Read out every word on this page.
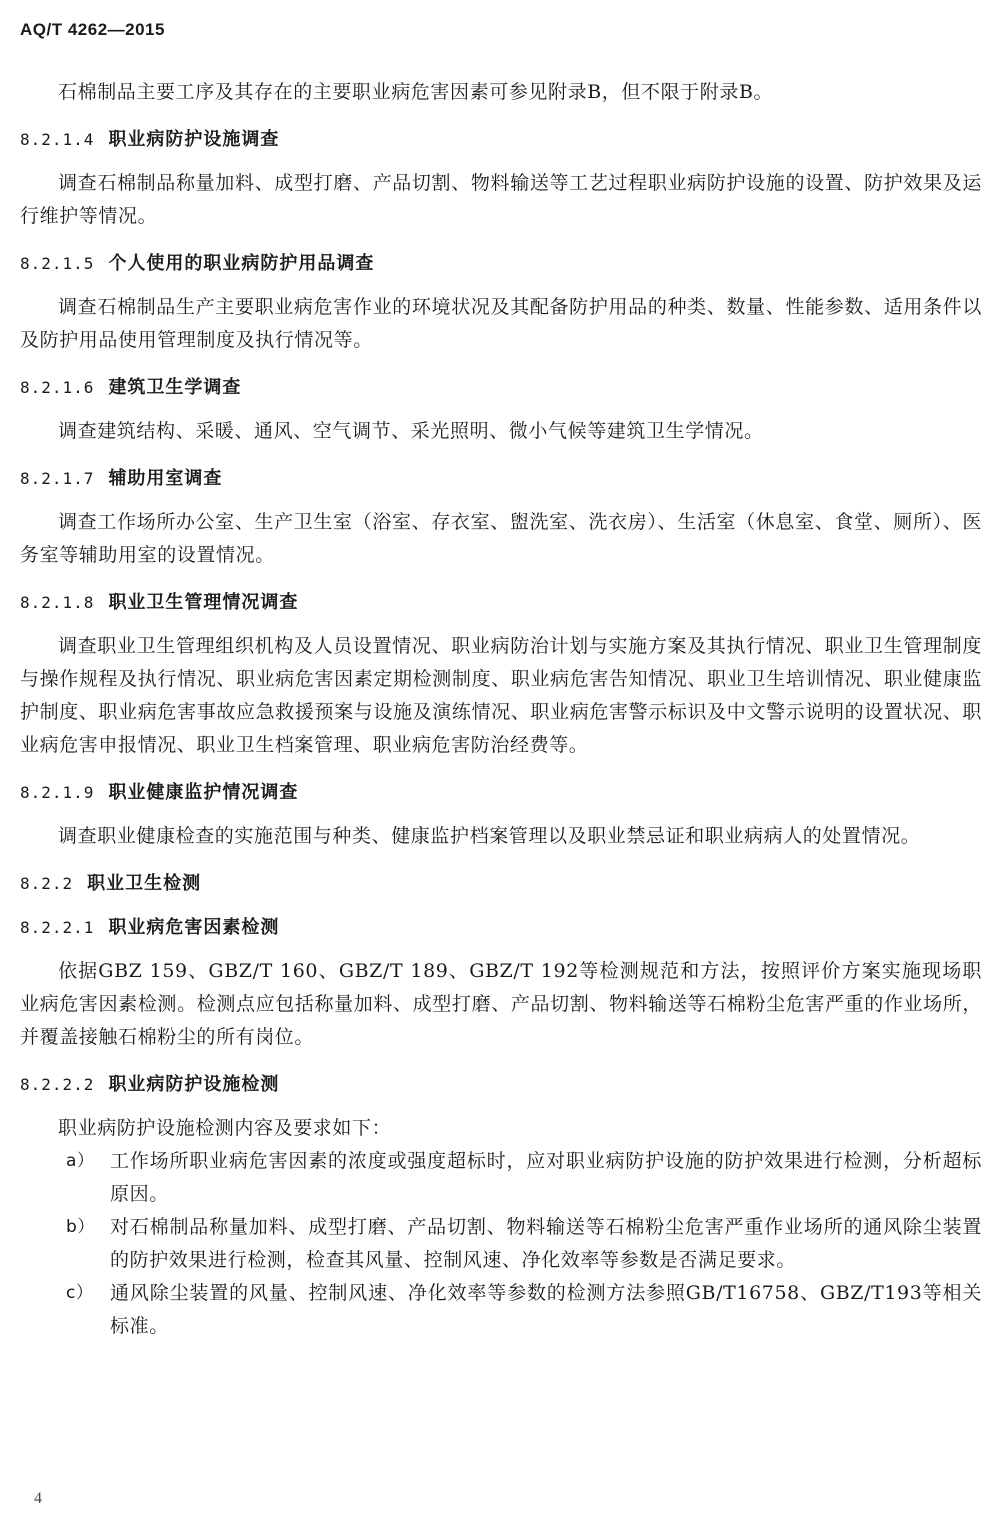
AQ/T 4262—2015

石棉制品主要工序及其存在的主要职业病危害因素可参见附录B，但不限于附录B。

8.2.1.4 职业病防护设施调查

调查石棉制品称量加料、成型打磨、产品切割、物料输送等工艺过程职业病防护设施的设置、防护效果及运行维护等情况。

8.2.1.5 个人使用的职业病防护用品调查

调查石棉制品生产主要职业病危害作业的环境状况及其配备防护用品的种类、数量、性能参数、适用条件以及防护用品使用管理制度及执行情况等。

8.2.1.6 建筑卫生学调查

调查建筑结构、采暖、通风、空气调节、采光照明、微小气候等建筑卫生学情况。

8.2.1.7 辅助用室调查

调查工作场所办公室、生产卫生室（浴室、存衣室、盥洗室、洗衣房）、生活室（休息室、食堂、厕所）、医务室等辅助用室的设置情况。

8.2.1.8 职业卫生管理情况调查

调查职业卫生管理组织机构及人员设置情况、职业病防治计划与实施方案及其执行情况、职业卫生管理制度与操作规程及执行情况、职业病危害因素定期检测制度、职业病危害告知情况、职业卫生培训情况、职业健康监护制度、职业病危害事故应急救援预案与设施及演练情况、职业病危害警示标识及中文警示说明的设置状况、职业病危害申报情况、职业卫生档案管理、职业病危害防治经费等。

8.2.1.9 职业健康监护情况调查

调查职业健康检查的实施范围与种类、健康监护档案管理以及职业禁忌证和职业病病人的处置情况。

8.2.2 职业卫生检测
8.2.2.1 职业病危害因素检测

依据GBZ 159、GBZ/T 160、GBZ/T 189、GBZ/T 192等检测规范和方法，按照评价方案实施现场职业病危害因素检测。检测点应包括称量加料、成型打磨、产品切割、物料输送等石棉粉尘危害严重的作业场所，并覆盖接触石棉粉尘的所有岗位。

8.2.2.2 职业病防护设施检测

职业病防护设施检测内容及要求如下：

a） 工作场所职业病危害因素的浓度或强度超标时，应对职业病防护设施的防护效果进行检测，分析超标原因。
b） 对石棉制品称量加料、成型打磨、产品切割、物料输送等石棉粉尘危害严重作业场所的通风除尘装置的防护效果进行检测，检查其风量、控制风速、净化效率等参数是否满足要求。
c） 通风除尘装置的风量、控制风速、净化效率等参数的检测方法参照GB/T16758、GBZ/T193等相关标准。
4
